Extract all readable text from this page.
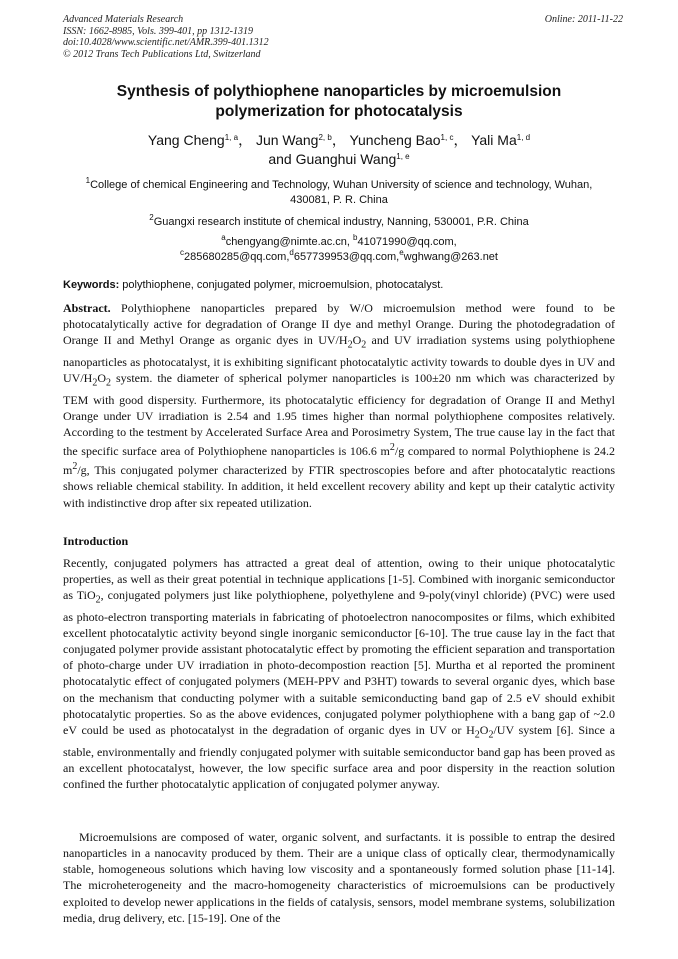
Advanced Materials Research
ISSN: 1662-8985, Vols. 399-401, pp 1312-1319
doi:10.4028/www.scientific.net/AMR.399-401.1312
© 2012 Trans Tech Publications Ltd, Switzerland
Online: 2011-11-22
Synthesis of polythiophene nanoparticles by microemulsion polymerization for photocatalysis
Yang Cheng$^{1, a}$， Jun Wang$^{2, b}$， Yuncheng Bao$^{1, c}$， Yali Ma$^{1, d}$
and Guanghui Wang$^{1, e}$
$^1$College of chemical Engineering and Technology, Wuhan University of science and technology, Wuhan, 430081, P. R. China
$^2$Guangxi research institute of chemical industry, Nanning, 530001, P.R. China
$^a$chengyang@nimte.ac.cn, $^b$41071990@qq.com,
$^c$285680285@qq.com,$^d$657739953@qq.com,$^e$wghwang@263.net
Keywords: polythiophene, conjugated polymer, microemulsion, photocatalyst.

Abstract. Polythiophene nanoparticles prepared by W/O microemulsion method were found to be photocatalytically active for degradation of Orange II dye and methyl Orange. During the photodegradation of Orange II and Methyl Orange as organic dyes in $UV/H_2O_2$ and UV irradiation systems using polythiophene nanoparticles as photocatalyst, it is exhibiting significant photocatalytic activity towards to double dyes in UV and $UV/H_2O_2$ system. the diameter of spherical polymer nanoparticles is 100±20 nm which was characterized by TEM with good dispersity. Furthermore, its photocatalytic efficiency for degradation of Orange II and Methyl Orange under UV irradiation is 2.54 and 1.95 times higher than normal polythiophene composites relatively. According to the testment by Accelerated Surface Area and Porosimetry System, The true cause lay in the fact that the specific surface area of Polythiophene nanoparticles is 106.6 $m^2/g$ compared to normal Polythiophene is 24.2 $m^2/g$, This conjugated polymer characterized by FTIR spectroscopies before and after photocatalytic reactions shows reliable chemical stability. In addition, it held excellent recovery ability and kept up their catalytic activity with indistinctive drop after six repeated utilization.

Introduction

Recently, conjugated polymers has attracted a great deal of attention, owing to their unique photocatalytic properties, as well as their great potential in technique applications [1-5]. Combined with inorganic semiconductor as TiO$_2$, conjugated polymers just like polythiophene, polyethylene and 9-poly(vinyl chloride) (PVC) were used as photo-electron transporting materials in fabricating of photoelectron nanocomposites or films, which exhibited excellent photocatalytic activity beyond single inorganic semiconductor [6-10]. The true cause lay in the fact that conjugated polymer provide assistant photocatalytic effect by promoting the efficient separation and transportation of photo-charge under UV irradiation in photo-decompostion reaction [5]. Murtha et al reported the prominent photocatalytic effect of conjugated polymers (MEH-PPV and P3HT) towards to several organic dyes, which base on the mechanism that conducting polymer with a suitable semiconducting band gap of 2.5 eV should exhibit photocatalytic properties. So as the above evidences, conjugated polymer polythiophene with a bang gap of ~2.0 eV could be used as photocatalyst in the degradation of organic dyes in UV or $H_2O_2/UV$ system [6]. Since a stable, environmentally and friendly conjugated polymer with suitable semiconductor band gap has been proved as an excellent photocatalyst, however, the low specific surface area and poor dispersity in the reaction solution confined the further photocatalytic application of conjugated polymer anyway.

Microemulsions are composed of water, organic solvent, and surfactants. it is possible to entrap the desired nanoparticles in a nanocavity produced by them. Their are a unique class of optically clear, thermodynamically stable, homogeneous solutions which having low viscosity and a spontaneously formed solution phase [11-14]. The microheterogeneity and the macro-homogeneity characteristics of microemulsions can be productively exploited to develop newer applications in the fields of catalysis, sensors, model membrane systems, solubilization media, drug delivery, etc. [15-19]. One of the
